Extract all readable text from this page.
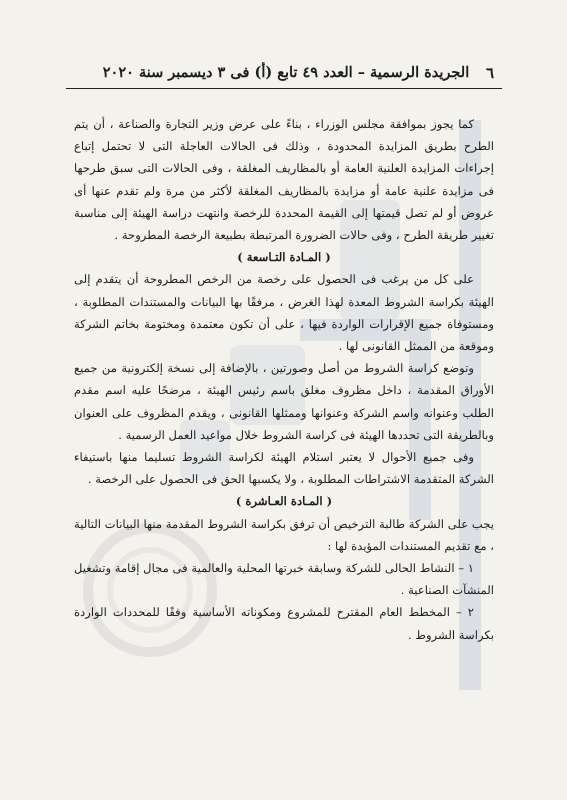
٦
الجريدة الرسمية – العدد ٤٩ تابع (أ) فى ٣ ديسمبر سنة ٢٠٢٠

كما يجوز بموافقة مجلس الوزراء ، بناءً على عرض وزير التجارة والصناعة ، أن يتم الطرح بطريق المزايدة المحدودة ، وذلك فى الحالات العاجلة التى لا تحتمل إتباع إجراءات المزايدة العلنية العامة أو بالمظاريف المغلقة ، وفى الحالات التى سبق طرحها فى مزايدة علنية عامة أو مزايدة بالمظاريف المغلقة لأكثر من مرة ولم تقدم عنها أى عروض أو لم تصل قيمتها إلى القيمة المحددة للرخصة وانتهت دراسة الهيئة إلى مناسبة تغيير طريقة الطرح ، وفى حالات الضرورة المرتبطة بطبيعة الرخصة المطروحة .

( المـادة التـاسعة )

على كل من يرغب فى الحصول على رخصة من الرخص المطروحة أن يتقدم إلى الهيئة بكراسة الشروط المعدة لهذا الغرض ، مرفقًا بها البيانات والمستندات المطلوبة ، ومستوفاة جميع الإقرارات الواردة فيها ، على أن تكون معتمدة ومختومة بخاتم الشركة وموقعة من الممثل القانونى لها .

وتوضع كراسة الشروط من أصل وصورتين ، بالإضافة إلى نسخة إلكترونية من جميع الأوراق المقدمة ، داخل مظروف مغلق باسم رئيس الهيئة ، مرضحًا عليه اسم مقدم الطلب وعنوانه واسم الشركة وعنوانها وممثلها القانونى ، ويقدم المظروف على العنوان وبالطريقة التى تحددها الهيئة فى كراسة الشروط خلال مواعيد العمل الرسمية .

وفى جميع الأحوال لا يعتبر استلام الهيئة لكراسة الشروط تسليما منها باستيفاء الشركة المتقدمة الاشتراطات المطلوبة ، ولا يكسبها الحق فى الحصول على الرخصة .

( المـادة العـاشرة )

يجب على الشركة طالبة الترخيص أن ترفق بكراسة الشروط المقدمة منها البيانات التالية ، مع تقديم المستندات المؤيدة لها :

١ – النشاط الحالى للشركة وسابقة خبرتها المحلية والعالمية فى مجال إقامة وتشغيل المنشآت الصناعية .

٢ – المخطط العام المقترح للمشروع ومكوناته الأساسية وفقًا للمحددات الواردة بكراسة الشروط .
